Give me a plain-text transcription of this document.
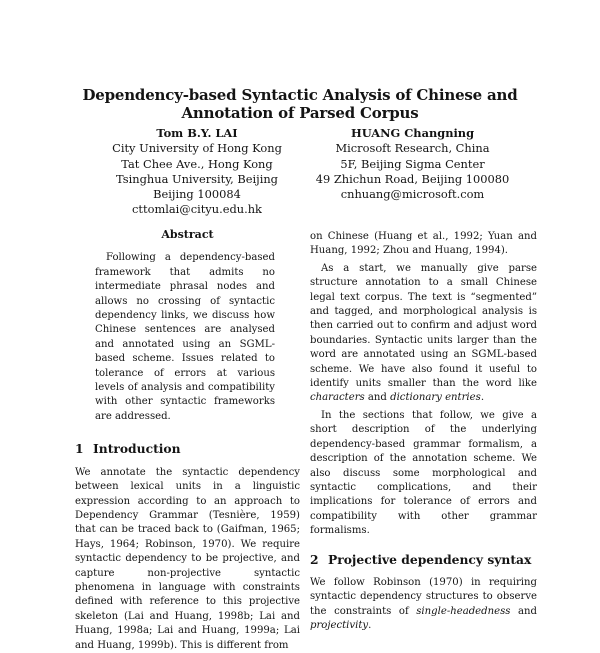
Dependency-based Syntactic Analysis of Chinese and
Annotation of Parsed Corpus
Tom B.Y. LAI
City University of Hong Kong
Tat Chee Ave., Hong Kong
Tsinghua University, Beijing
Beijing 100084
cttomlai@cityu.edu.hk
HUANG Changning
Microsoft Research, China
5F, Beijing Sigma Center
49 Zhichun Road, Beijing 100080
cnhuang@microsoft.com
Abstract

Following a dependency-based framework that admits no intermediate phrasal nodes and allows no crossing of syntactic dependency links, we discuss how Chinese sentences are analysed and annotated using an SGML-based scheme. Issues related to tolerance of errors at various levels of analysis and compatibility with other syntactic frameworks are addressed.

1 Introduction

We annotate the syntactic dependency between lexical units in a linguistic expression according to an approach to Dependency Grammar (Tesnière, 1959) that can be traced back to (Gaifman, 1965; Hays, 1964; Robinson, 1970). We require syntactic dependency to be projective, and capture non-projective syntactic phenomena in language with constraints defined with reference to this projective skeleton (Lai and Huang, 1998b; Lai and Huang, 1998a; Lai and Huang, 1999a; Lai and Huang, 1999b). This is different from

on Chinese (Huang et al., 1992; Yuan and Huang, 1992; Zhou and Huang, 1994).

As a start, we manually give parse structure annotation to a small Chinese legal text corpus. The text is “segmented” and tagged, and morphological analysis is then carried out to confirm and adjust word boundaries. Syntactic units larger than the word are annotated using an SGML-based scheme. We have also found it useful to identify units smaller than the word like characters and dictionary entries.

In the sections that follow, we give a short description of the underlying dependency-based grammar formalism, a description of the annotation scheme. We also discuss some morphological and syntactic complications, and their implications for tolerance of errors and compatibility with other grammar formalisms.

2 Projective dependency syntax

We follow Robinson (1970) in requiring syntactic dependency structures to observe the constraints of single-headedness and projectivity.
